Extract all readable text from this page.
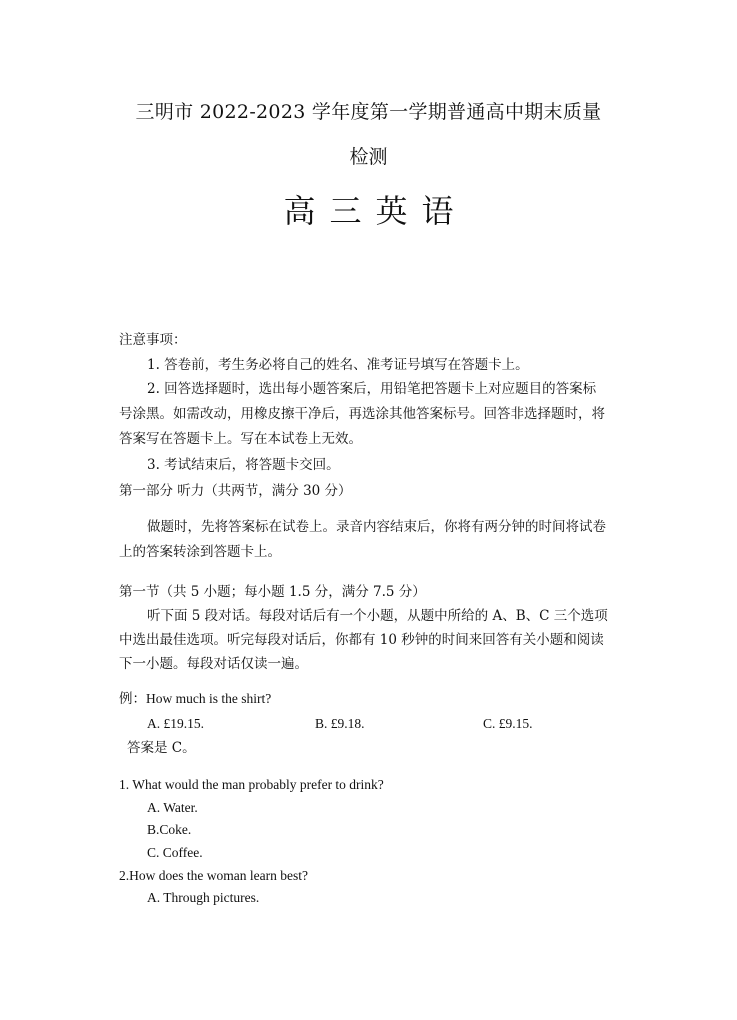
三明市 2022-2023 学年度第一学期普通高中期末质量
检测
高三英语
注意事项：
1. 答卷前，考生务必将自己的姓名、准考证号填写在答题卡上。
2. 回答选择题时，选出每小题答案后，用铅笔把答题卡上对应题目的答案标
号涂黑。如需改动，用橡皮擦干净后，再选涂其他答案标号。回答非选择题时，将
答案写在答题卡上。写在本试卷上无效。
3. 考试结束后，将答题卡交回。
第一部分 听力（共两节，满分 30 分）
做题时，先将答案标在试卷上。录音内容结束后，你将有两分钟的时间将试卷
上的答案转涂到答题卡上。
第一节（共 5 小题；每小题 1.5 分，满分 7.5 分）
听下面 5 段对话。每段对话后有一个小题，从题中所给的 A、B、C 三个选项
中选出最佳选项。听完每段对话后，你都有 10 秒钟的时间来回答有关小题和阅读
下一小题。每段对话仅读一遍。
例：How much is the shirt?
A. £19.15.	B. £9.18.	C. £9.15.
答案是 C。
1. What would the man probably prefer to drink?
A. Water.
B.Coke.
C. Coffee.
2.How does the woman learn best?
A. Through pictures.
